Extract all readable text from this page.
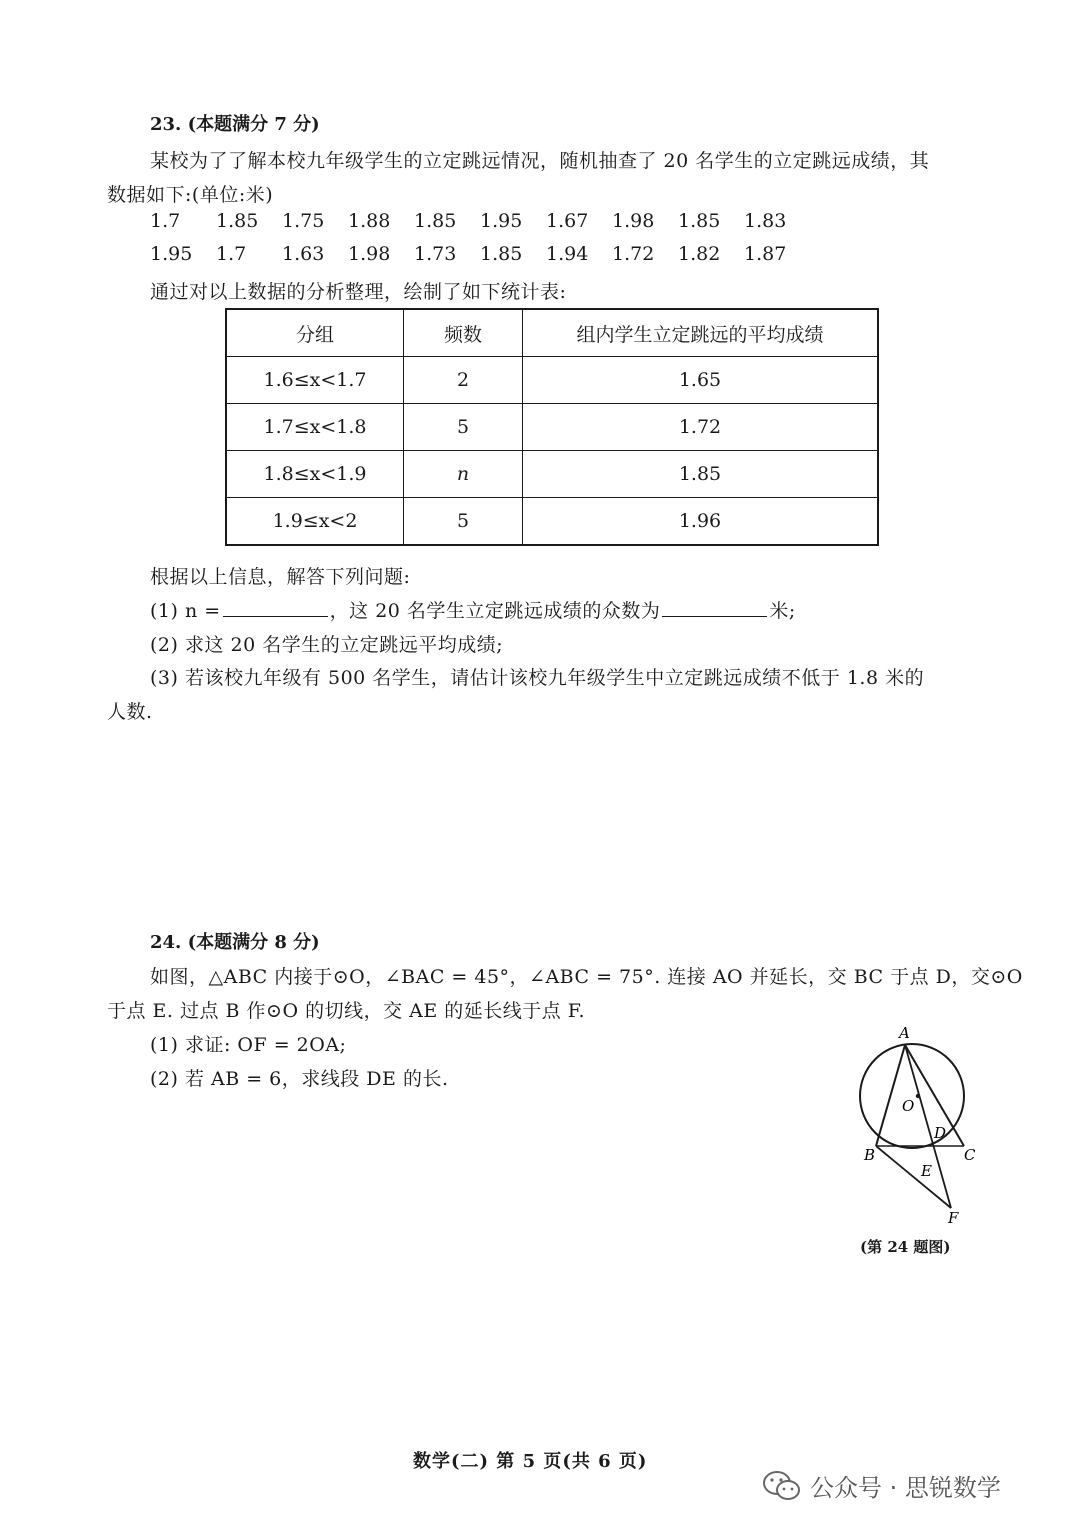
23. (本题满分 7 分)
某校为了了解本校九年级学生的立定跳远情况，随机抽查了 20 名学生的立定跳远成绩，其
数据如下:(单位:米)
1.7 1.85 1.75 1.88 1.85 1.95 1.67 1.98 1.85 1.83
1.95 1.7 1.63 1.98 1.73 1.85 1.94 1.72 1.82 1.87
通过对以上数据的分析整理，绘制了如下统计表:
分组	频数	组内学生立定跳远的平均成绩
1.6≤x<1.7	2	1.65
1.7≤x<1.8	5	1.72
1.8≤x<1.9	n	1.85
1.9≤x<2	5	1.96
根据以上信息，解答下列问题:
(1) n =	，这 20 名学生立定跳远成绩的众数为	米;
(2) 求这 20 名学生的立定跳远平均成绩;
(3) 若该校九年级有 500 名学生，请估计该校九年级学生中立定跳远成绩不低于 1.8 米的
人数.
24. (本题满分 8 分)
如图，△ABC 内接于⊙O，∠BAC = 45°，∠ABC = 75°. 连接 AO 并延长，交 BC 于点 D，交⊙O
于点 E. 过点 B 作⊙O 的切线，交 AE 的延长线于点 F.
(1) 求证: OF = 2OA;
(2) 若 AB = 6，求线段 DE 的长.
A
O
D
B	C
E
F
(第 24 题图)
数学(二) 第 5 页(共 6 页)
公众号 · 思锐数学
